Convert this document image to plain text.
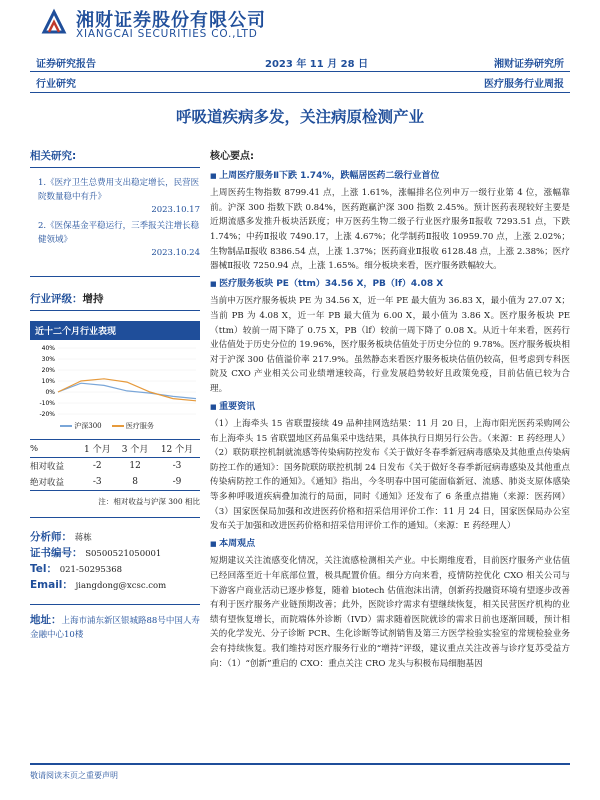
湘财证券股份有限公司
XIANGCAI SECURITIES CO.,LTD
证券研究报告	2023 年 11 月 28 日	湘财证券研究所
行业研究	医疗服务行业周报
呼吸道疾病多发，关注病原检测产业
相关研究:
1.《医疗卫生总费用支出稳定增长，民营医院数量稳中有升》
2023.10.17
2.《医保基金平稳运行，三季报关注增长稳健领域》
2023.10.24
行业评级：增持
近十二个月行业表现
40%
30%
20%
10%
0%
-10%
-20%
沪深300	医疗服务
%	1 个月	3 个月	12 个月
相对收益	-2	12	-3
绝对收益	-3	8	-9
注：相对收益与沪深 300 相比
分析师： 蒋栋
证书编号： S0500521050001
Tel： 021-50295368
Email： jiangdong@xcsc.com
地址：上海市浦东新区银城路88号中国人寿金融中心10楼
核心要点:
■ 上周医疗服务Ⅱ下跌 1.74%，跌幅居医药二级行业首位
上周医药生物指数 8799.41 点，上涨 1.61%，涨幅排名位列申万一级行业第 4 位，涨幅靠前。沪深 300 指数下跌 0.84%，医药跑赢沪深 300 指数 2.45%。预计医药表现较好主要是近期流感多发推升板块活跃度；申万医药生物二级子行业医疗服务Ⅱ报收 7293.51 点，下跌 1.74%；中药Ⅱ报收 7490.17，上涨 4.67%；化学制药Ⅱ报收 10959.70 点，上涨 2.02%；生物制品Ⅱ报收 8386.54 点，上涨 1.37%；医药商业Ⅱ报收 6128.48 点，上涨 2.38%；医疗器械Ⅱ报收 7250.94 点，上涨 1.65%。细分板块来看，医疗服务跌幅较大。
■ 医疗服务板块 PE（ttm）34.56 X，PB（lf）4.08 X
当前申万医疗服务板块 PE 为 34.56 X，近一年 PE 最大值为 36.83 X，最小值为 27.07 X；当前 PB 为 4.08 X，近一年 PB 最大值为 6.00 X，最小值为 3.86 X。医疗服务板块 PE（ttm）较前一周下降了 0.75 X，PB（lf）较前一周下降了 0.08 X。从近十年来看，医药行业估值处于历史分位的 19.96%，医疗服务板块估值处于历史分位的 9.78%。医疗服务板块相对于沪深 300 估值溢价率 217.9%。虽然静态来看医疗服务板块估值仍较高，但考虑到专科医院及 CXO 产业相关公司业绩增速较高，行业发展趋势较好且政策免疫，目前估值已较为合理。
■ 重要资讯
（1）上海牵头 15 省联盟接续 49 品种挂网选结果：11 月 20 日，上海市阳光医药采购网公布上海牵头 15 省联盟地区药品集采中选结果，具体执行日期另行公告。（来源：E 药经理人）（2）联防联控机制就流感等传染病防控发布《关于做好冬春季新冠病毒感染及其他重点传染病防控工作的通知》：国务院联防联控机制 24 日发布《关于做好冬春季新冠病毒感染及其他重点传染病防控工作的通知》。《通知》指出，今冬明春中国可能面临新冠、流感、肺炎支原体感染等多种呼吸道疾病叠加流行的局面，同时《通知》还发布了 6 条重点措施（来源：医药网）（3）国家医保局加强和改进医药价格和招采信用评价工作：11 月 24 日，国家医保局办公室发布关于加强和改进医药价格和招采信用评价工作的通知。（来源：E 药经理人）
■ 本周观点
短期建议关注流感变化情况，关注流感检测相关产业。中长期维度看，目前医疗服务产业估值已经回落至近十年底部位置，极具配置价值。细分方向来看，疫情防控优化 CXO 相关公司与下游客户商业活动已逐步修复，随着 biotech 估值泡沫出清，创新药投融资环境有望逐步改善有利于医疗服务产业链预期改善；此外，医院诊疗需求有望继续恢复，相关民营医疗机构的业绩有望恢复增长，而院端体外诊断（IVD）需求随着医院就诊的需求日前也逐渐回暖，预计相关的化学发光、分子诊断 PCR、生化诊断等试剂销售及第三方医学检验实验室的常规检验业务会有持续恢复。我们维持对医疗服务行业的“增持”评级，建议重点关注改善与诊疗复苏受益方向：（1）“创新”重启的 CXO：重点关注 CRO 龙头与积极布局细胞基因
敬请阅读末页之重要声明
